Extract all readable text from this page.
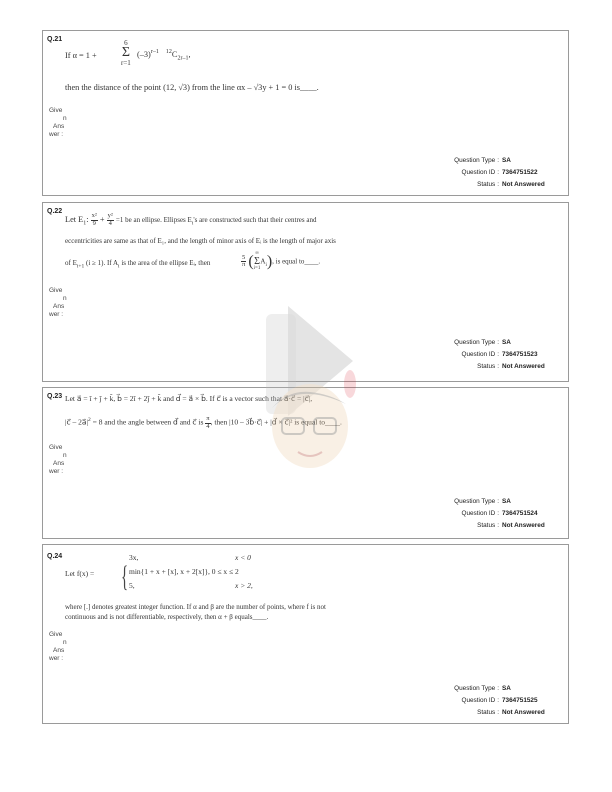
Q.21
If α = 1 +
6
Σ
r=1
$(-3)^{r-1}$ $^{12}C_{2r-1}$,
then the distance of the point (12, √3) from the line αx – √3y + 1 = 0 is____.
Give
n
Ans
wer :
Question Type : SA
Question ID : 7364751522
Status : Not Answered
Q.22
Let $E_1$: $\frac{\text{x²}}{9} + \frac{\text{y²}}{4} =1$ be an ellipse. Ellipses $E_i's$ are constructed such that their centres and
eccentricities are same as that of E₁, and the length of minor axis of Eᵢ is the length of major axis
of $E_{i+1}$ (i ≥ 1). If $A_i$ is the area of the ellipse Eᵢ, then	$\frac{5}{\pi}$ ( ∞
Σ
i=1
$A_i$), is equal to____.
Give
n
Ans
wer :
Question Type : SA
Question ID : 7364751523
Status : Not Answered
Q.23 Let a⃗ = î + ĵ + k̂, b⃗ = 2î + 2ĵ + k̂ and d⃗ = a⃗ × b⃗. If c⃗ is a vector such that a⃗·c⃗ = |c⃗|,
|c⃗ – $2a⃗|^2 = 8$ and the angle between d⃗ and c⃗ is $\frac{\pi}{4}$ , then |10 – 3b⃗·c⃗| + |d⃗ × c⃗|² is equal to____.
Give
n
Ans
wer :
Question Type : SA
Question ID : 7364751524
Status : Not Answered
Q.24
Let f(x) = {
3x,	x < 0
min{1 + x + [x], x + 2[x]}, 0 ≤ x ≤ 2
5,	x > 2,
where [.] denotes greatest integer function. If α and β are the number of points, where f is not
continuous and is not differentiable, respectively, then α + β equals____.
Give
n
Ans
wer :
Question Type : SA
Question ID : 7364751525
Status : Not Answered
